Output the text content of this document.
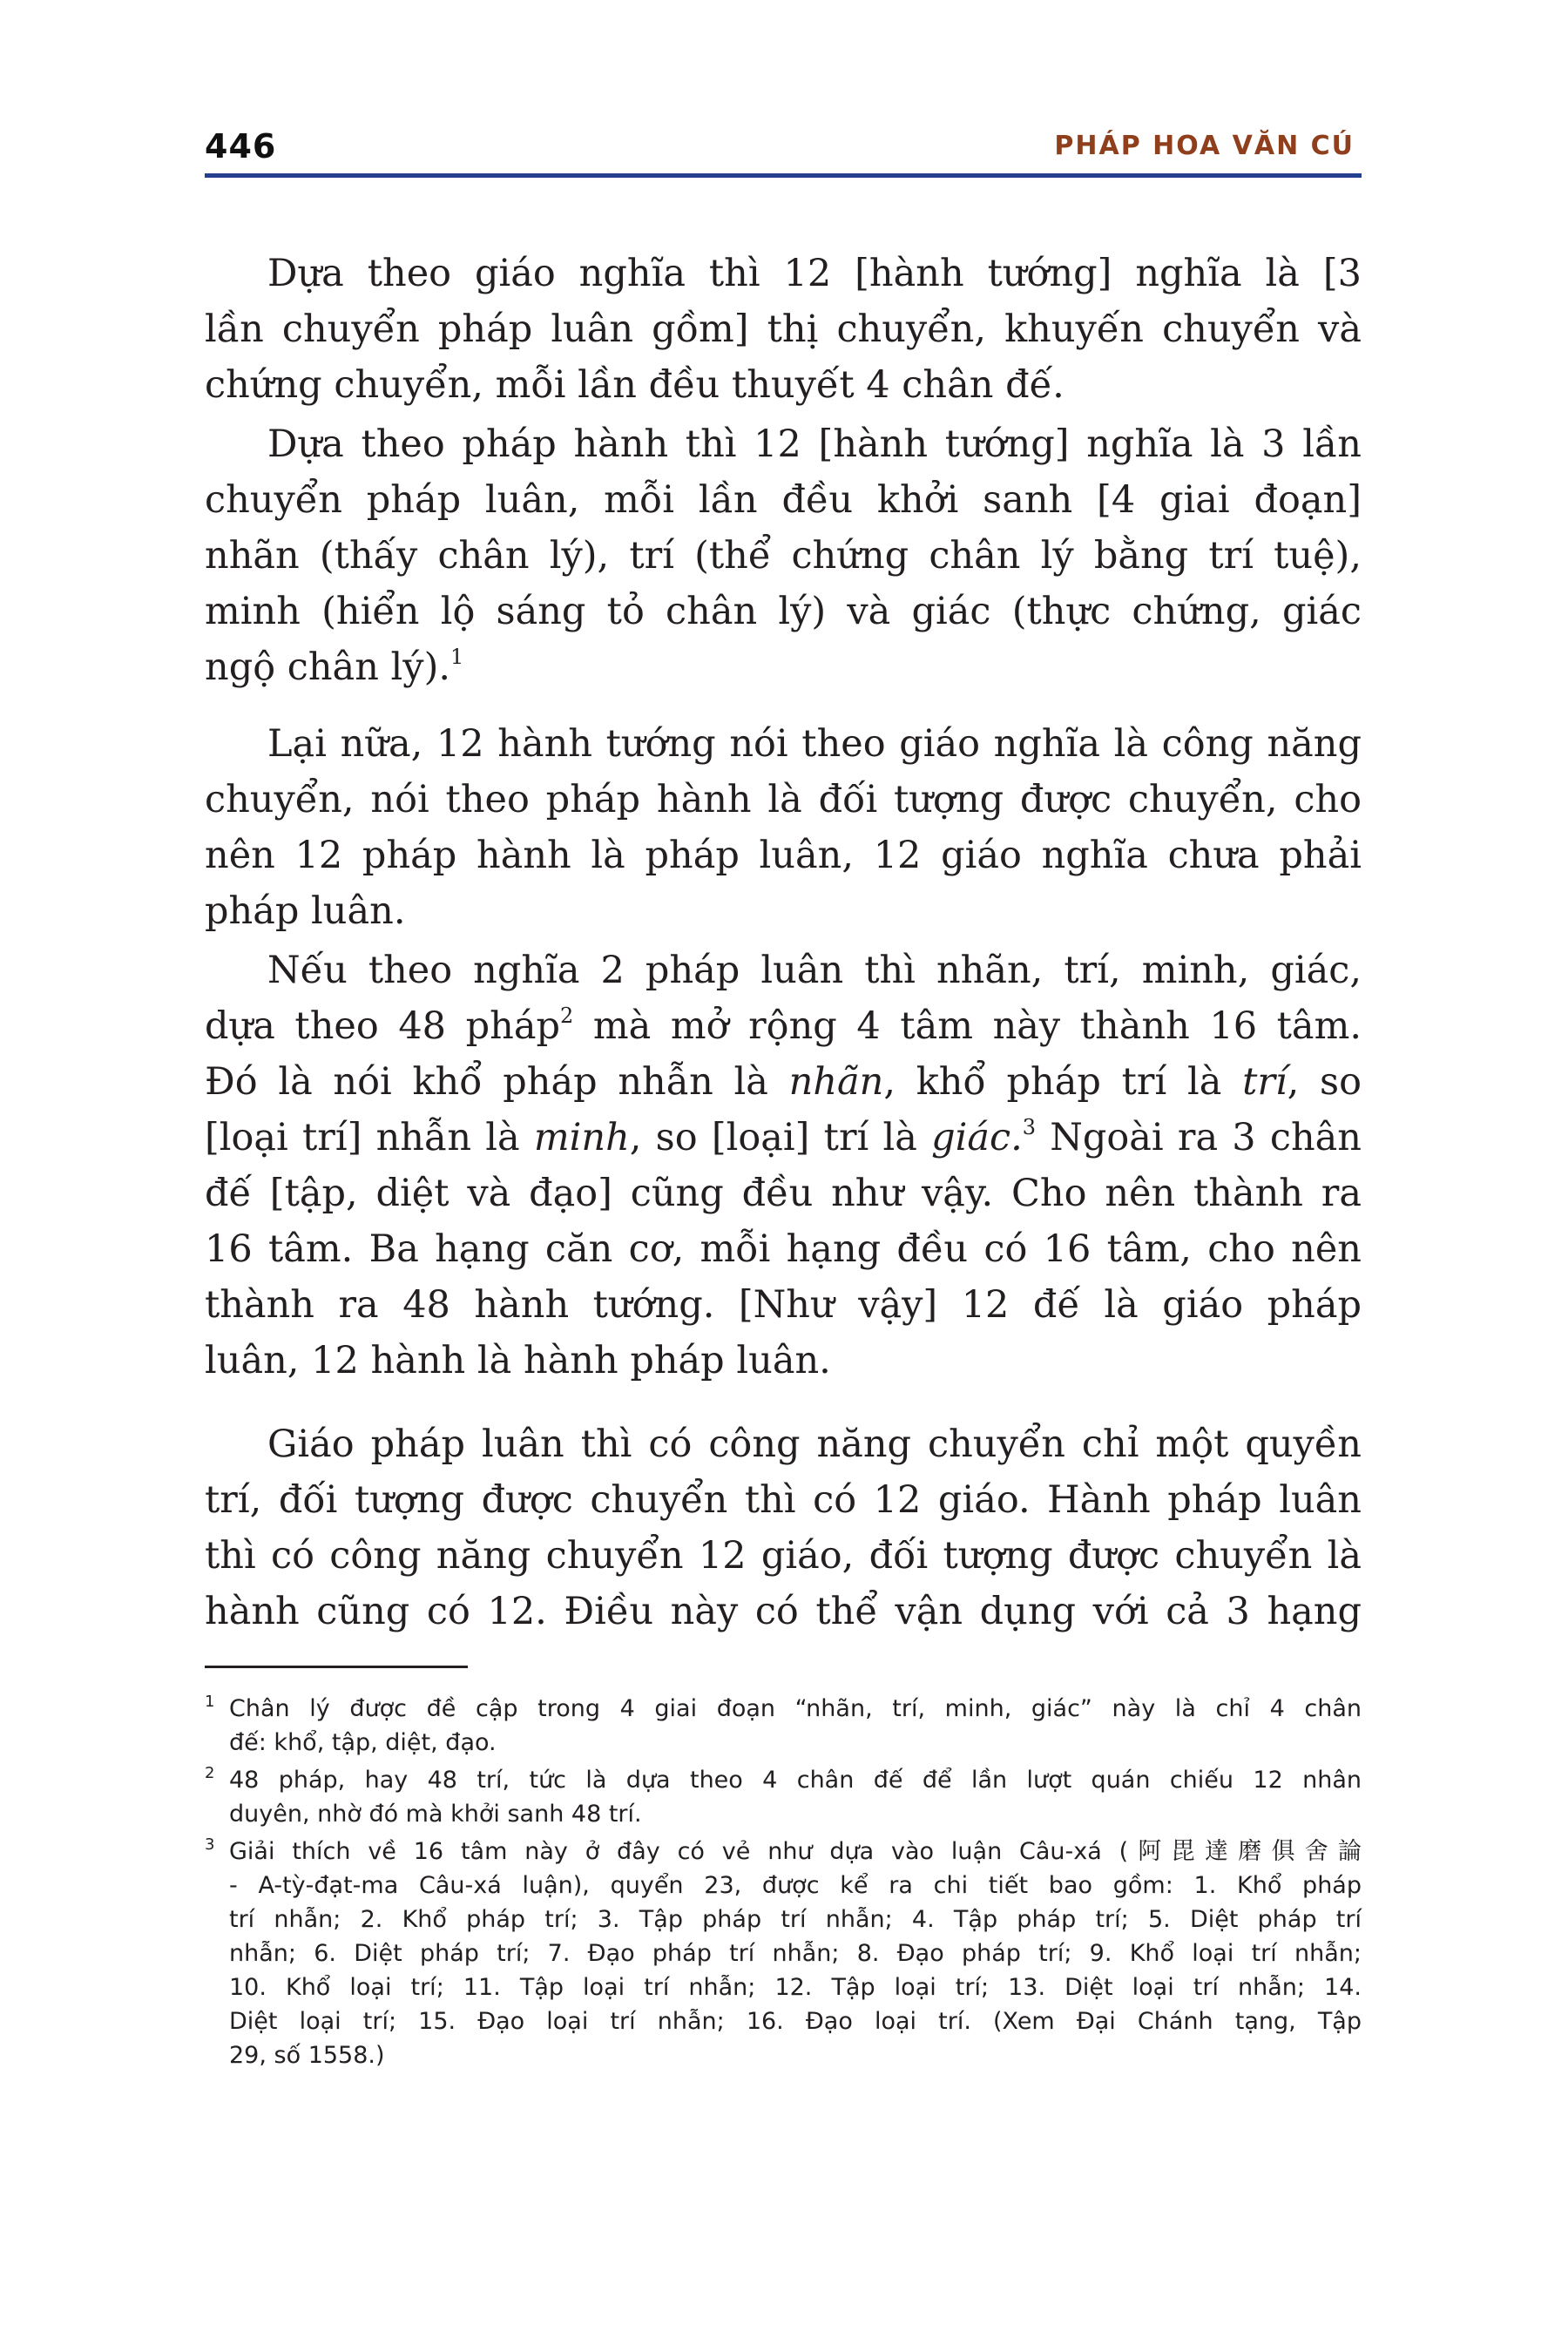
446	PHÁP HOA VĂN CÚ
Dựa theo giáo nghĩa thì 12 [hành tướng] nghĩa là [3
lần chuyển pháp luân gồm] thị chuyển, khuyến chuyển và
chứng chuyển, mỗi lần đều thuyết 4 chân đế.
Dựa theo pháp hành thì 12 [hành tướng] nghĩa là 3 lần
chuyển pháp luân, mỗi lần đều khởi sanh [4 giai đoạn]
nhãn (thấy chân lý), trí (thể chứng chân lý bằng trí tuệ),
minh (hiển lộ sáng tỏ chân lý) và giác (thực chứng, giác
ngộ chân lý).$^1$
Lại nữa, 12 hành tướng nói theo giáo nghĩa là công năng
chuyển, nói theo pháp hành là đối tượng được chuyển, cho
nên 12 pháp hành là pháp luân, 12 giáo nghĩa chưa phải
pháp luân.
Nếu theo nghĩa 2 pháp luân thì nhãn, trí, minh, giác,
dựa theo 48 pháp$^2$ mà mở rộng 4 tâm này thành 16 tâm.
Đó là nói khổ pháp nhẫn là nhãn, khổ pháp trí là trí, so
[loại trí] nhẫn là minh, so [loại] trí là giác.$^3$ Ngoài ra 3 chân
đế [tập, diệt và đạo] cũng đều như vậy. Cho nên thành ra
16 tâm. Ba hạng căn cơ, mỗi hạng đều có 16 tâm, cho nên
thành ra 48 hành tướng. [Như vậy] 12 đế là giáo pháp
luân, 12 hành là hành pháp luân.
Giáo pháp luân thì có công năng chuyển chỉ một quyền
trí, đối tượng được chuyển thì có 12 giáo. Hành pháp luân
thì có công năng chuyển 12 giáo, đối tượng được chuyển là
hành cũng có 12. Điều này có thể vận dụng với cả 3 hạng
1 Chân lý được đề cập trong 4 giai đoạn “nhãn, trí, minh, giác” này là chỉ 4 chân
đế: khổ, tập, diệt, đạo.
2 48 pháp, hay 48 trí, tức là dựa theo 4 chân đế để lần lượt quán chiếu 12 nhân
duyên, nhờ đó mà khởi sanh 48 trí.
3 Giải thích về 16 tâm này ở đây có vẻ như dựa vào luận Câu-xá (阿毘達磨俱舍論
- A-tỳ-đạt-ma Câu-xá luận), quyển 23, được kể ra chi tiết bao gồm: 1. Khổ pháp
trí nhẫn; 2. Khổ pháp trí; 3. Tập pháp trí nhẫn; 4. Tập pháp trí; 5. Diệt pháp trí
nhẫn; 6. Diệt pháp trí; 7. Đạo pháp trí nhẫn; 8. Đạo pháp trí; 9. Khổ loại trí nhẫn;
10. Khổ loại trí; 11. Tập loại trí nhẫn; 12. Tập loại trí; 13. Diệt loại trí nhẫn; 14.
Diệt loại trí; 15. Đạo loại trí nhẫn; 16. Đạo loại trí. (Xem Đại Chánh tạng, Tập
29, số 1558.)
